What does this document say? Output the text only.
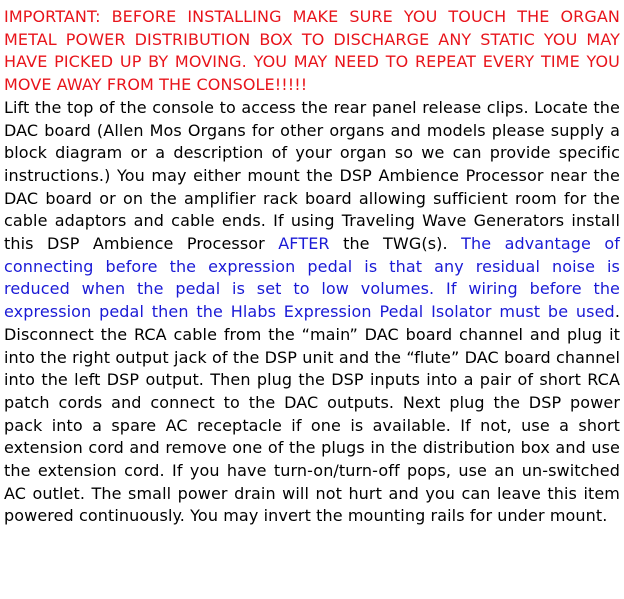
IMPORTANT: BEFORE INSTALLING MAKE SURE YOU TOUCH THE ORGAN METAL POWER DISTRIBUTION BOX TO DISCHARGE ANY STATIC YOU MAY HAVE PICKED UP BY MOVING. YOU MAY NEED TO REPEAT EVERY TIME YOU MOVE AWAY FROM THE CONSOLE!!!!!

Lift the top of the console to access the rear panel release clips. Locate the DAC board (Allen Mos Organs for other organs and models please supply a block diagram or a description of your organ so we can provide specific instructions.) You may either mount the DSP Ambience Processor near the DAC board or on the amplifier rack board allowing sufficient room for the cable adaptors and cable ends. If using Traveling Wave Generators install this DSP Ambience Processor AFTER the TWG(s). The advantage of connecting before the expression pedal is that any residual noise is reduced when the pedal is set to low volumes. If wiring before the expression pedal then the Hlabs Expression Pedal Isolator must be used. Disconnect the RCA cable from the “main” DAC board channel and plug it into the right output jack of the DSP unit and the “flute” DAC board channel into the left DSP output. Then plug the DSP inputs into a pair of short RCA patch cords and connect to the DAC outputs. Next plug the DSP power pack into a spare AC receptacle if one is available. If not, use a short extension cord and remove one of the plugs in the distribution box and use the extension cord. If you have turn-on/turn-off pops, use an un-switched AC outlet. The small power drain will not hurt and you can leave this item powered continuously. You may invert the mounting rails for under mount.
